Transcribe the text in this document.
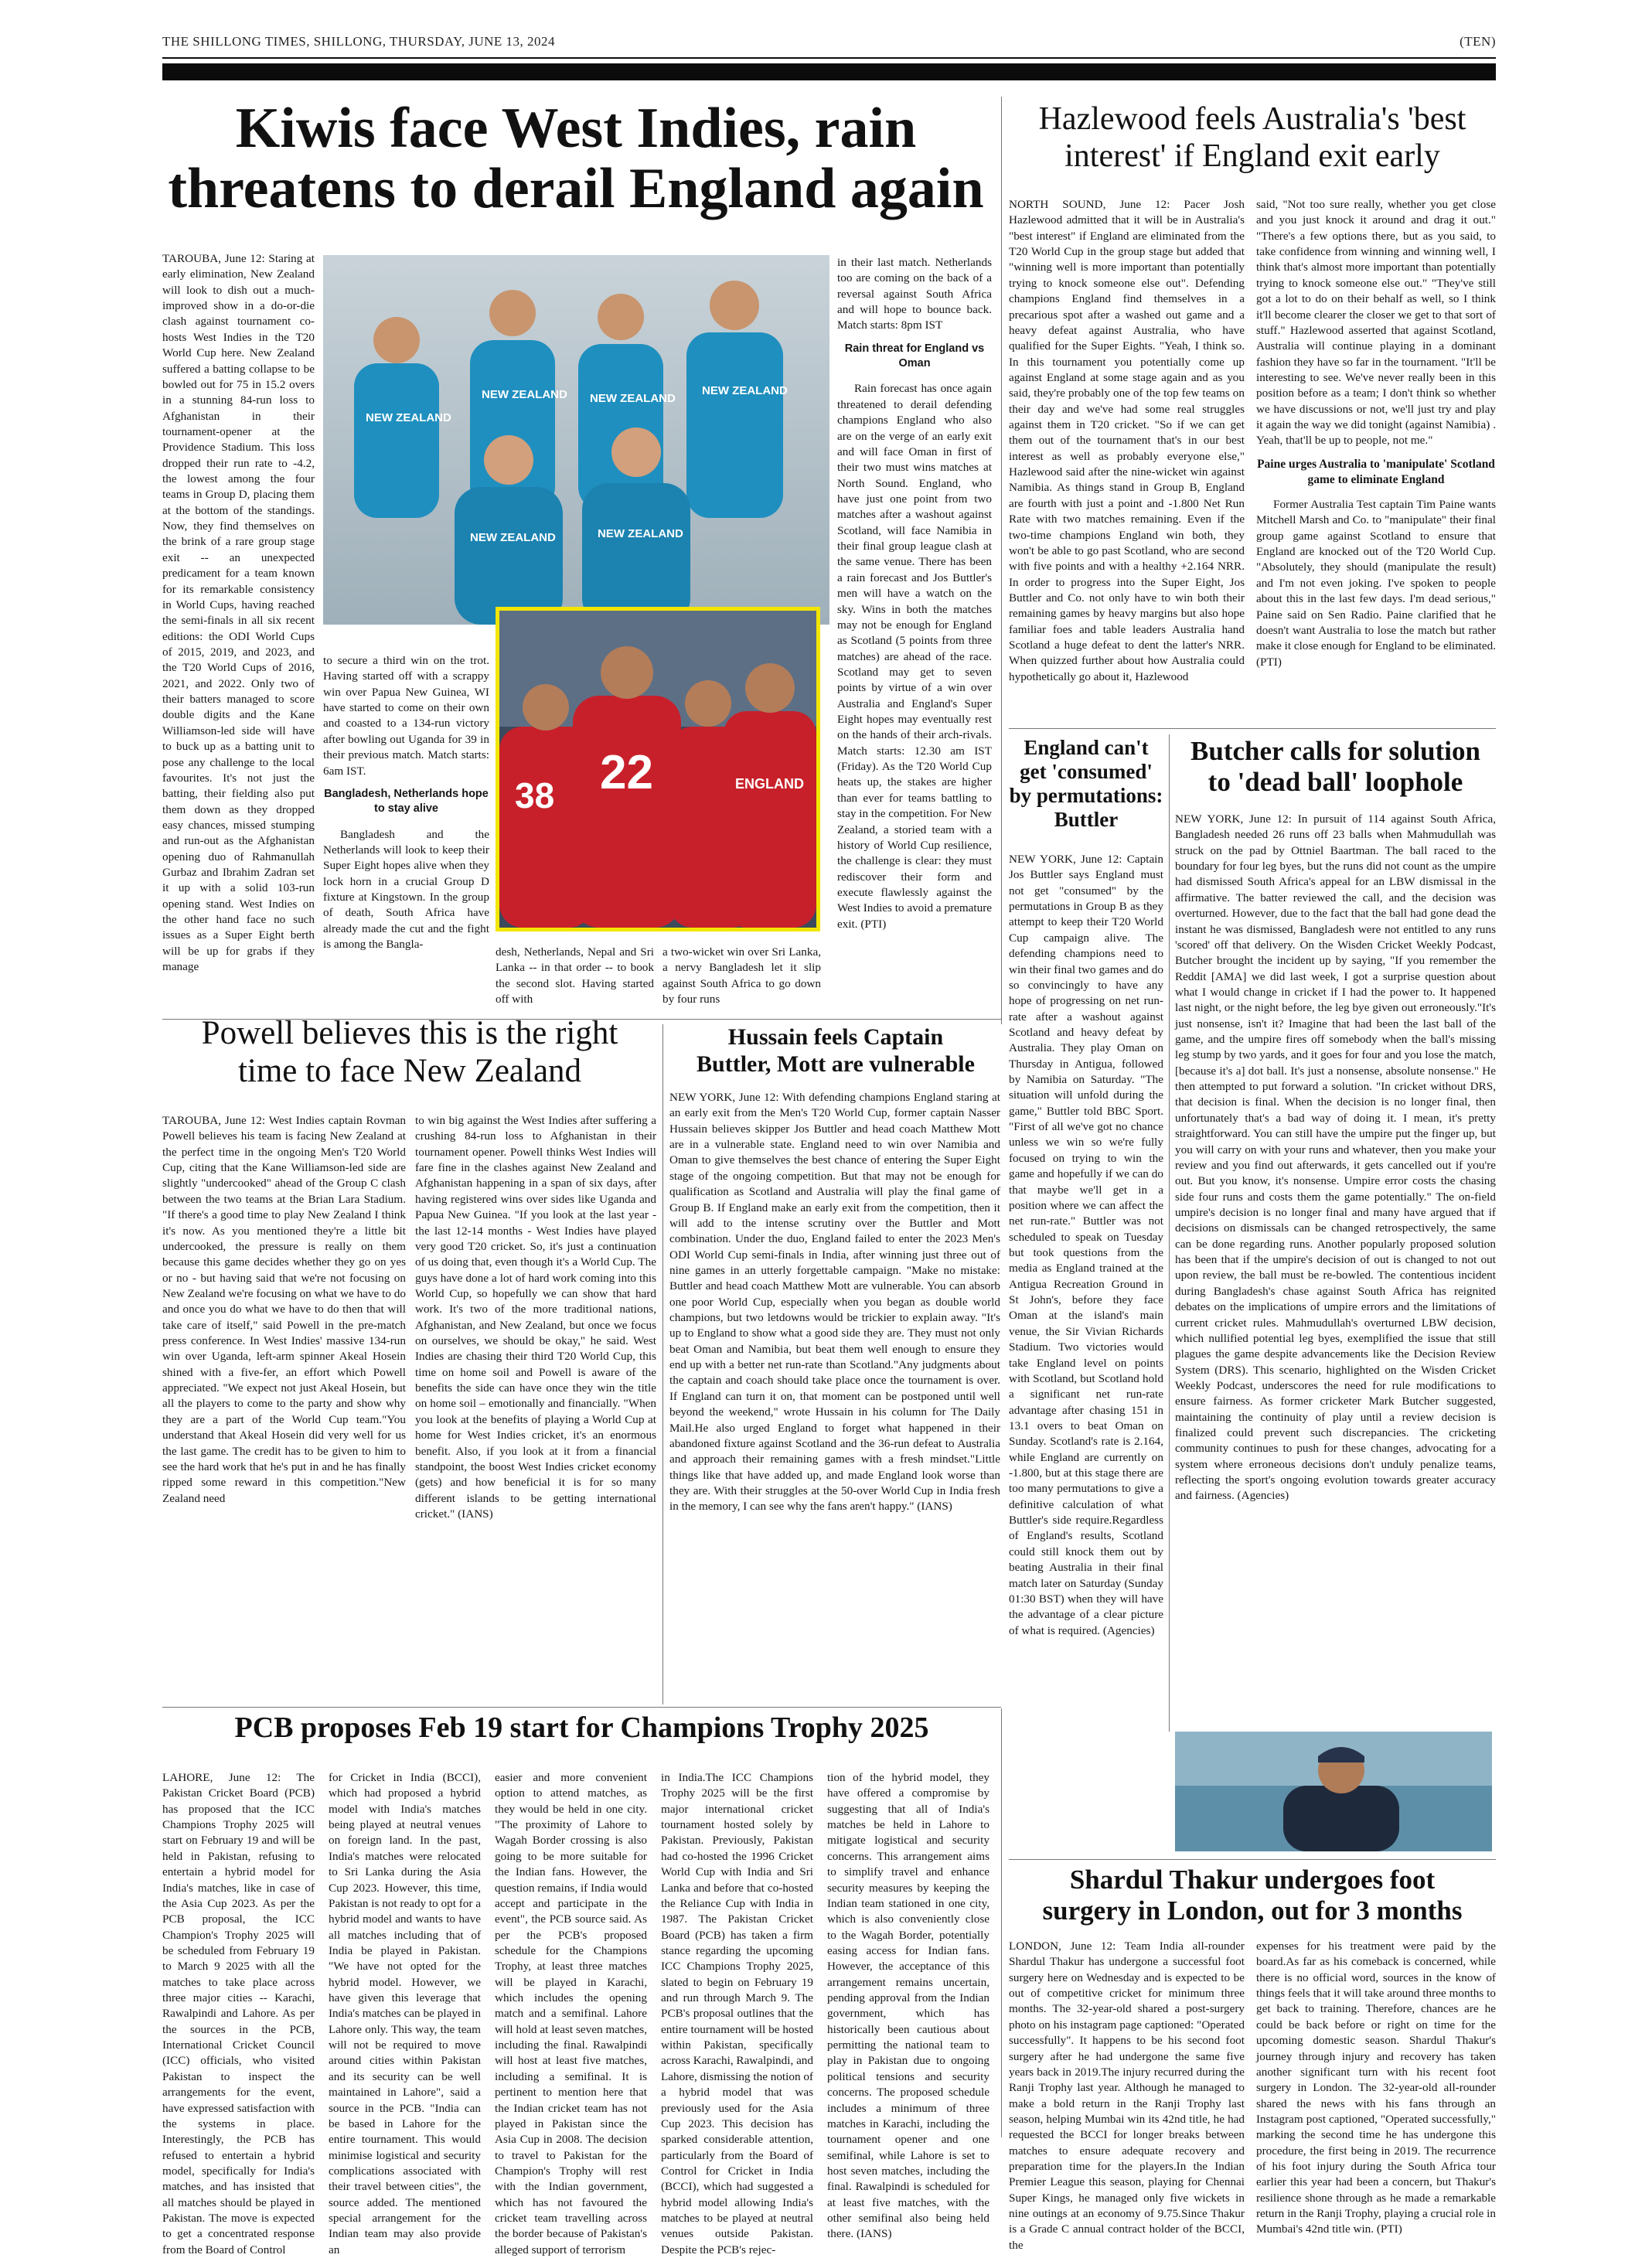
THE SHILLONG TIMES, SHILLONG, THURSDAY, JUNE 13, 2024	(TEN)
Kiwis face West Indies, rain
threatens to derail England again

TAROUBA, June 12: Staring at early elimination, New Zealand will look to dish out a much-improved show in a do-or-die clash against tournament co-hosts West Indies in the T20 World Cup here. New Zealand suffered a batting collapse to be bowled out for 75 in 15.2 overs in a stunning 84-run loss to Afghanistan in their tournament-opener at the Providence Stadium. This loss dropped their run rate to -4.2, the lowest among the four teams in Group D, placing them at the bottom of the standings. Now, they find themselves on the brink of a rare group stage exit -- an unexpected predicament for a team known for its remarkable consistency in World Cups, having reached the semi-finals in all six recent editions: the ODI World Cups of 2015, 2019, and 2023, and the T20 World Cups of 2016, 2021, and 2022. Only two of their batters managed to score double digits and the Kane Williamson-led side will have to buck up as a batting unit to pose any challenge to the local favourites. It's not just the batting, their fielding also put them down as they dropped easy chances, missed stumping and run-out as the Afghanistan opening duo of Rahmanullah Gurbaz and Ibrahim Zadran set it up with a solid 103-run opening stand. West Indies on the other hand face no such issues as a Super Eight berth will be up for grabs if they manage

NEW ZEALAND
NEW ZEALAND NEW ZEALAND
NEW ZEALAND
NEW ZEALAND	NEW ZEALAND

to secure a third win on the trot. Having started off with a scrappy win over Papua New Guinea, WI have started to come on their own and coasted to a 134-run victory after bowling out Uganda for 39 in their previous match. Match starts: 6am IST.

Bangladesh, Netherlands hope to stay alive

Bangladesh and the Netherlands will look to keep their Super Eight hopes alive when they lock horn in a crucial Group D fixture at Kingstown. In the group of death, South Africa have already made the cut and the fight is among the Bangla-

38 22	ENGLAND

desh, Netherlands, Nepal and Sri Lanka -- in that order -- to book the second slot. Having started off with

a two-wicket win over Sri Lanka, a nervy Bangladesh let it slip against South Africa to go down by four runs

in their last match. Netherlands too are coming on the back of a reversal against South Africa and will hope to bounce back. Match starts: 8pm IST

Rain threat for England vs Oman

Rain forecast has once again threatened to derail defending champions England who also are on the verge of an early exit and will face Oman in first of their two must wins matches at North Sound. England, who have just one point from two matches after a washout against Scotland, will face Namibia in their final group league clash at the same venue. There has been a rain forecast and Jos Buttler's men will have a watch on the sky. Wins in both the matches may not be enough for England as Scotland (5 points from three matches) are ahead of the race. Scotland may get to seven points by virtue of a win over Australia and England's Super Eight hopes may eventually rest on the hands of their arch-rivals. Match starts: 12.30 am IST (Friday). As the T20 World Cup heats up, the stakes are higher than ever for teams battling to stay in the competition. For New Zealand, a storied team with a history of World Cup resilience, the challenge is clear: they must rediscover their form and execute flawlessly against the West Indies to avoid a premature exit. (PTI)

Hazlewood feels Australia's 'best
interest' if England exit early

NORTH SOUND, June 12: Pacer Josh Hazlewood admitted that it will be in Australia's "best interest" if England are eliminated from the T20 World Cup in the group stage but added that "winning well is more important than potentially trying to knock someone else out". Defending champions England find themselves in a precarious spot after a washed out game and a heavy defeat against Australia, who have qualified for the Super Eights. "Yeah, I think so. In this tournament you potentially come up against England at some stage again and as you said, they're probably one of the top few teams on their day and we've had some real struggles against them in T20 cricket. "So if we can get them out of the tournament that's in our best interest as well as probably everyone else," Hazlewood said after the nine-wicket win against Namibia. As things stand in Group B, England are fourth with just a point and -1.800 Net Run Rate with two matches remaining. Even if the two-time champions England win both, they won't be able to go past Scotland, who are second with five points and with a healthy +2.164 NRR. In order to progress into the Super Eight, Jos Buttler and Co. not only have to win both their remaining games by heavy margins but also hope familiar foes and table leaders Australia hand Scotland a huge defeat to dent the latter's NRR. When quizzed further about how Australia could hypothetically go about it, Hazlewood

said, "Not too sure really, whether you get close and you just knock it around and drag it out." "There's a few options there, but as you said, to take confidence from winning and winning well, I think that's almost more important than potentially trying to knock someone else out." "They've still got a lot to do on their behalf as well, so I think it'll become clearer the closer we get to that sort of stuff." Hazlewood asserted that against Scotland, Australia will continue playing in a dominant fashion they have so far in the tournament. "It'll be interesting to see. We've never really been in this position before as a team; I don't think so whether we have discussions or not, we'll just try and play it again the way we did tonight (against Namibia) . Yeah, that'll be up to people, not me."

Paine urges Australia to 'manipulate' Scotland game to eliminate England

Former Australia Test captain Tim Paine wants Mitchell Marsh and Co. to "manipulate" their final group game against Scotland to ensure that England are knocked out of the T20 World Cup. "Absolutely, they should (manipulate the result) and I'm not even joking. I've spoken to people about this in the last few days. I'm dead serious," Paine said on Sen Radio. Paine clarified that he doesn't want Australia to lose the match but rather make it close enough for England to be eliminated. (PTI)

England can't get 'consumed' by permutations: Buttler

NEW YORK, June 12: Captain Jos Buttler says England must not get "consumed" by the permutations in Group B as they attempt to keep their T20 World Cup campaign alive. The defending champions need to win their final two games and do so convincingly to have any hope of progressing on net run-rate after a washout against Scotland and heavy defeat by Australia. They play Oman on Thursday in Antigua, followed by Namibia on Saturday. "The situation will unfold during the game," Buttler told BBC Sport. "First of all we've got no chance unless we win so we're fully focused on trying to win the game and hopefully if we can do that maybe we'll get in a position where we can affect the net run-rate." Buttler was not scheduled to speak on Tuesday but took questions from the media as England trained at the Antigua Recreation Ground in St John's, before they face Oman at the island's main venue, the Sir Vivian Richards Stadium. Two victories would take England level on points with Scotland, but Scotland hold a significant net run-rate advantage after chasing 151 in 13.1 overs to beat Oman on Sunday. Scotland's rate is 2.164, while England are currently on -1.800, but at this stage there are too many permutations to give a definitive calculation of what Buttler's side require.Regardless of England's results, Scotland could still knock them out by beating Australia in their final match later on Saturday (Sunday 01:30 BST) when they will have the advantage of a clear picture of what is required. (Agencies)

Butcher calls for solution
to 'dead ball' loophole

NEW YORK, June 12: In pursuit of 114 against South Africa, Bangladesh needed 26 runs off 23 balls when Mahmudullah was struck on the pad by Ottniel Baartman. The ball raced to the boundary for four leg byes, but the runs did not count as the umpire had dismissed South Africa's appeal for an LBW dismissal in the affirmative. The batter reviewed the call, and the decision was overturned. However, due to the fact that the ball had gone dead the instant he was dismissed, Bangladesh were not entitled to any runs 'scored' off that delivery. On the Wisden Cricket Weekly Podcast, Butcher brought the incident up by saying, "If you remember the Reddit [AMA] we did last week, I got a surprise question about what I would change in cricket if I had the power to. It happened last night, or the night before, the leg bye given out erroneously."It's just nonsense, isn't it? Imagine that had been the last ball of the game, and the umpire fires off somebody when the ball's missing leg stump by two yards, and it goes for four and you lose the match, [because it's a] dot ball. It's just a nonsense, absolute nonsense." He then attempted to put forward a solution. "In cricket without DRS, that decision is final. When the decision is no longer final, then unfortunately that's a bad way of doing it. I mean, it's pretty straightforward. You can still have the umpire put the finger up, but you will carry on with your runs and whatever, then you make your review and you find out afterwards, it gets cancelled out if you're out. But you know, it's nonsense. Umpire error costs the chasing side four runs and costs them the game potentially." The on-field umpire's decision is no longer final and many have argued that if decisions on dismissals can be changed retrospectively, the same can be done regarding runs. Another popularly proposed solution has been that if the umpire's decision of out is changed to not out upon review, the ball must be re-bowled. The contentious incident during Bangladesh's chase against South Africa has reignited debates on the implications of umpire errors and the limitations of current cricket rules. Mahmudullah's overturned LBW decision, which nullified potential leg byes, exemplified the issue that still plagues the game despite advancements like the Decision Review System (DRS). This scenario, highlighted on the Wisden Cricket Weekly Podcast, underscores the need for rule modifications to ensure fairness. As former cricketer Mark Butcher suggested, maintaining the continuity of play until a review decision is finalized could prevent such discrepancies. The cricketing community continues to push for these changes, advocating for a system where erroneous decisions don't unduly penalize teams, reflecting the sport's ongoing evolution towards greater accuracy and fairness. (Agencies)

Powell believes this is the right
time to face New Zealand

TAROUBA, June 12: West Indies captain Rovman Powell believes his team is facing New Zealand at the perfect time in the ongoing Men's T20 World Cup, citing that the Kane Williamson-led side are slightly "undercooked" ahead of the Group C clash between the two teams at the Brian Lara Stadium. "If there's a good time to play New Zealand I think it's now. As you mentioned they're a little bit undercooked, the pressure is really on them because this game decides whether they go on yes or no - but having said that we're not focusing on New Zealand we're focusing on what we have to do and once you do what we have to do then that will take care of itself," said Powell in the pre-match press conference. In West Indies' massive 134-run win over Uganda, left-arm spinner Akeal Hosein shined with a five-fer, an effort which Powell appreciated. "We expect not just Akeal Hosein, but all the players to come to the party and show why they are a part of the World Cup team."You understand that Akeal Hosein did very well for us the last game. The credit has to be given to him to see the hard work that he's put in and he has finally ripped some reward in this competition."New Zealand need

to win big against the West Indies after suffering a crushing 84-run loss to Afghanistan in their tournament opener. Powell thinks West Indies will fare fine in the clashes against New Zealand and Afghanistan happening in a span of six days, after having registered wins over sides like Uganda and Papua New Guinea. "If you look at the last year - the last 12-14 months - West Indies have played very good T20 cricket. So, it's just a continuation of us doing that, even though it's a World Cup. The guys have done a lot of hard work coming into this World Cup, so hopefully we can show that hard work. It's two of the more traditional nations, Afghanistan, and New Zealand, but once we focus on ourselves, we should be okay," he said. West Indies are chasing their third T20 World Cup, this time on home soil and Powell is aware of the benefits the side can have once they win the title on home soil – emotionally and financially. "When you look at the benefits of playing a World Cup at home for West Indies cricket, it's an enormous benefit. Also, if you look at it from a financial standpoint, the boost West Indies cricket economy (gets) and how beneficial it is for so many different islands to be getting international cricket." (IANS)

Hussain feels Captain
Buttler, Mott are vulnerable

NEW YORK, June 12: With defending champions England staring at an early exit from the Men's T20 World Cup, former captain Nasser Hussain believes skipper Jos Buttler and head coach Matthew Mott are in a vulnerable state. England need to win over Namibia and Oman to give themselves the best chance of entering the Super Eight stage of the ongoing competition. But that may not be enough for qualification as Scotland and Australia will play the final game of Group B. If England make an early exit from the competition, then it will add to the intense scrutiny over the Buttler and Mott combination. Under the duo, England failed to enter the 2023 Men's ODI World Cup semi-finals in India, after winning just three out of nine games in an utterly forgettable campaign. "Make no mistake: Buttler and head coach Matthew Mott are vulnerable. You can absorb one poor World Cup, especially when you began as double world champions, but two letdowns would be trickier to explain away. "It's up to England to show what a good side they are. They must not only beat Oman and Namibia, but beat them well enough to ensure they end up with a better net run-rate than Scotland."Any judgments about the captain and coach should take place once the tournament is over. If England can turn it on, that moment can be postponed until well beyond the weekend," wrote Hussain in his column for The Daily Mail.He also urged England to forget what happened in their abandoned fixture against Scotland and the 36-run defeat to Australia and approach their remaining games with a fresh mindset."Little things like that have added up, and made England look worse than they are. With their struggles at the 50-over World Cup in India fresh in the memory, I can see why the fans aren't happy." (IANS)

PCB proposes Feb 19 start for Champions Trophy 2025

LAHORE, June 12: The Pakistan Cricket Board (PCB) has proposed that the ICC Champions Trophy 2025 will start on February 19 and will be held in Pakistan, refusing to entertain a hybrid model for India's matches, like in case of the Asia Cup 2023. As per the PCB proposal, the ICC Champion's Trophy 2025 will be scheduled from February 19 to March 9 2025 with all the matches to take place across three major cities -- Karachi, Rawalpindi and Lahore. As per the sources in the PCB, International Cricket Council (ICC) officials, who visited Pakistan to inspect the arrangements for the event, have expressed satisfaction with the systems in place. Interestingly, the PCB has refused to entertain a hybrid model, specifically for India's matches, and has insisted that all matches should be played in Pakistan. The move is expected to get a concentrated response from the Board of Control

for Cricket in India (BCCI), which had proposed a hybrid model with India's matches being played at neutral venues on foreign land. In the past, India's matches were relocated to Sri Lanka during the Asia Cup 2023. However, this time, Pakistan is not ready to opt for a hybrid model and wants to have all matches including that of India be played in Pakistan. "We have not opted for the hybrid model. However, we have given this leverage that India's matches can be played in Lahore only. This way, the team will not be required to move around cities within Pakistan and its security can be well maintained in Lahore", said a source in the PCB. "India can be based in Lahore for the entire tournament. This would minimise logistical and security complications associated with their travel between cities", the source added. The mentioned special arrangement for the Indian team may also provide an

easier and more convenient option to attend matches, as they would be held in one city. "The proximity of Lahore to Wagah Border crossing is also going to be more suitable for the Indian fans. However, the question remains, if India would accept and participate in the event", the PCB source said. As per the PCB's proposed schedule for the Champions Trophy, at least three matches will be played in Karachi, which includes the opening match and a semifinal. Lahore will hold at least seven matches, including the final. Rawalpindi will host at least five matches, including a semifinal. It is pertinent to mention here that the Indian cricket team has not played in Pakistan since the Asia Cup in 2008. The decision to travel to Pakistan for the Champion's Trophy will rest with the Indian government, which has not favoured the cricket team travelling across the border because of Pakistan's alleged support of terrorism

in India.The ICC Champions Trophy 2025 will be the first major international cricket tournament hosted solely by Pakistan. Previously, Pakistan had co-hosted the 1996 Cricket World Cup with India and Sri Lanka and before that co-hosted the Reliance Cup with India in 1987. The Pakistan Cricket Board (PCB) has taken a firm stance regarding the upcoming ICC Champions Trophy 2025, slated to begin on February 19 and run through March 9. The PCB's proposal outlines that the entire tournament will be hosted within Pakistan, specifically across Karachi, Rawalpindi, and Lahore, dismissing the notion of a hybrid model that was previously used for the Asia Cup 2023. This decision has sparked considerable attention, particularly from the Board of Control for Cricket in India (BCCI), which had suggested a hybrid model allowing India's matches to be played at neutral venues outside Pakistan. Despite the PCB's rejec-

tion of the hybrid model, they have offered a compromise by suggesting that all of India's matches be held in Lahore to mitigate logistical and security concerns. This arrangement aims to simplify travel and enhance security measures by keeping the Indian team stationed in one city, which is also conveniently close to the Wagah Border, potentially easing access for Indian fans. However, the acceptance of this arrangement remains uncertain, pending approval from the Indian government, which has historically been cautious about permitting the national team to play in Pakistan due to ongoing political tensions and security concerns. The proposed schedule includes a minimum of three matches in Karachi, including the tournament opener and one semifinal, while Lahore is set to host seven matches, including the final. Rawalpindi is scheduled for at least five matches, with the other semifinal also being held there. (IANS)

Shardul Thakur undergoes foot
surgery in London, out for 3 months

LONDON, June 12: Team India all-rounder Shardul Thakur has undergone a successful foot surgery here on Wednesday and is expected to be out of competitive cricket for minimum three months. The 32-year-old shared a post-surgery photo on his instagram page captioned: "Operated successfully". It happens to be his second foot surgery after he had undergone the same five years back in 2019.The injury recurred during the Ranji Trophy last year. Although he managed to make a bold return in the Ranji Trophy last season, helping Mumbai win its 42nd title, he had requested the BCCI for longer breaks between matches to ensure adequate recovery and preparation time for the players.In the Indian Premier League this season, playing for Chennai Super Kings, he managed only five wickets in nine outings at an economy of 9.75.Since Thakur is a Grade C annual contract holder of the BCCI, the

expenses for his treatment were paid by the board.As far as his comeback is concerned, while there is no official word, sources in the know of things feels that it will take around three months to get back to training. Therefore, chances are he could be back before or right on time for the upcoming domestic season. Shardul Thakur's journey through injury and recovery has taken another significant turn with his recent foot surgery in London. The 32-year-old all-rounder shared the news with his fans through an Instagram post captioned, "Operated successfully," marking the second time he has undergone this procedure, the first being in 2019. The recurrence of his foot injury during the South Africa tour earlier this year had been a concern, but Thakur's resilience shone through as he made a remarkable return in the Ranji Trophy, playing a crucial role in Mumbai's 42nd title win. (PTI)
